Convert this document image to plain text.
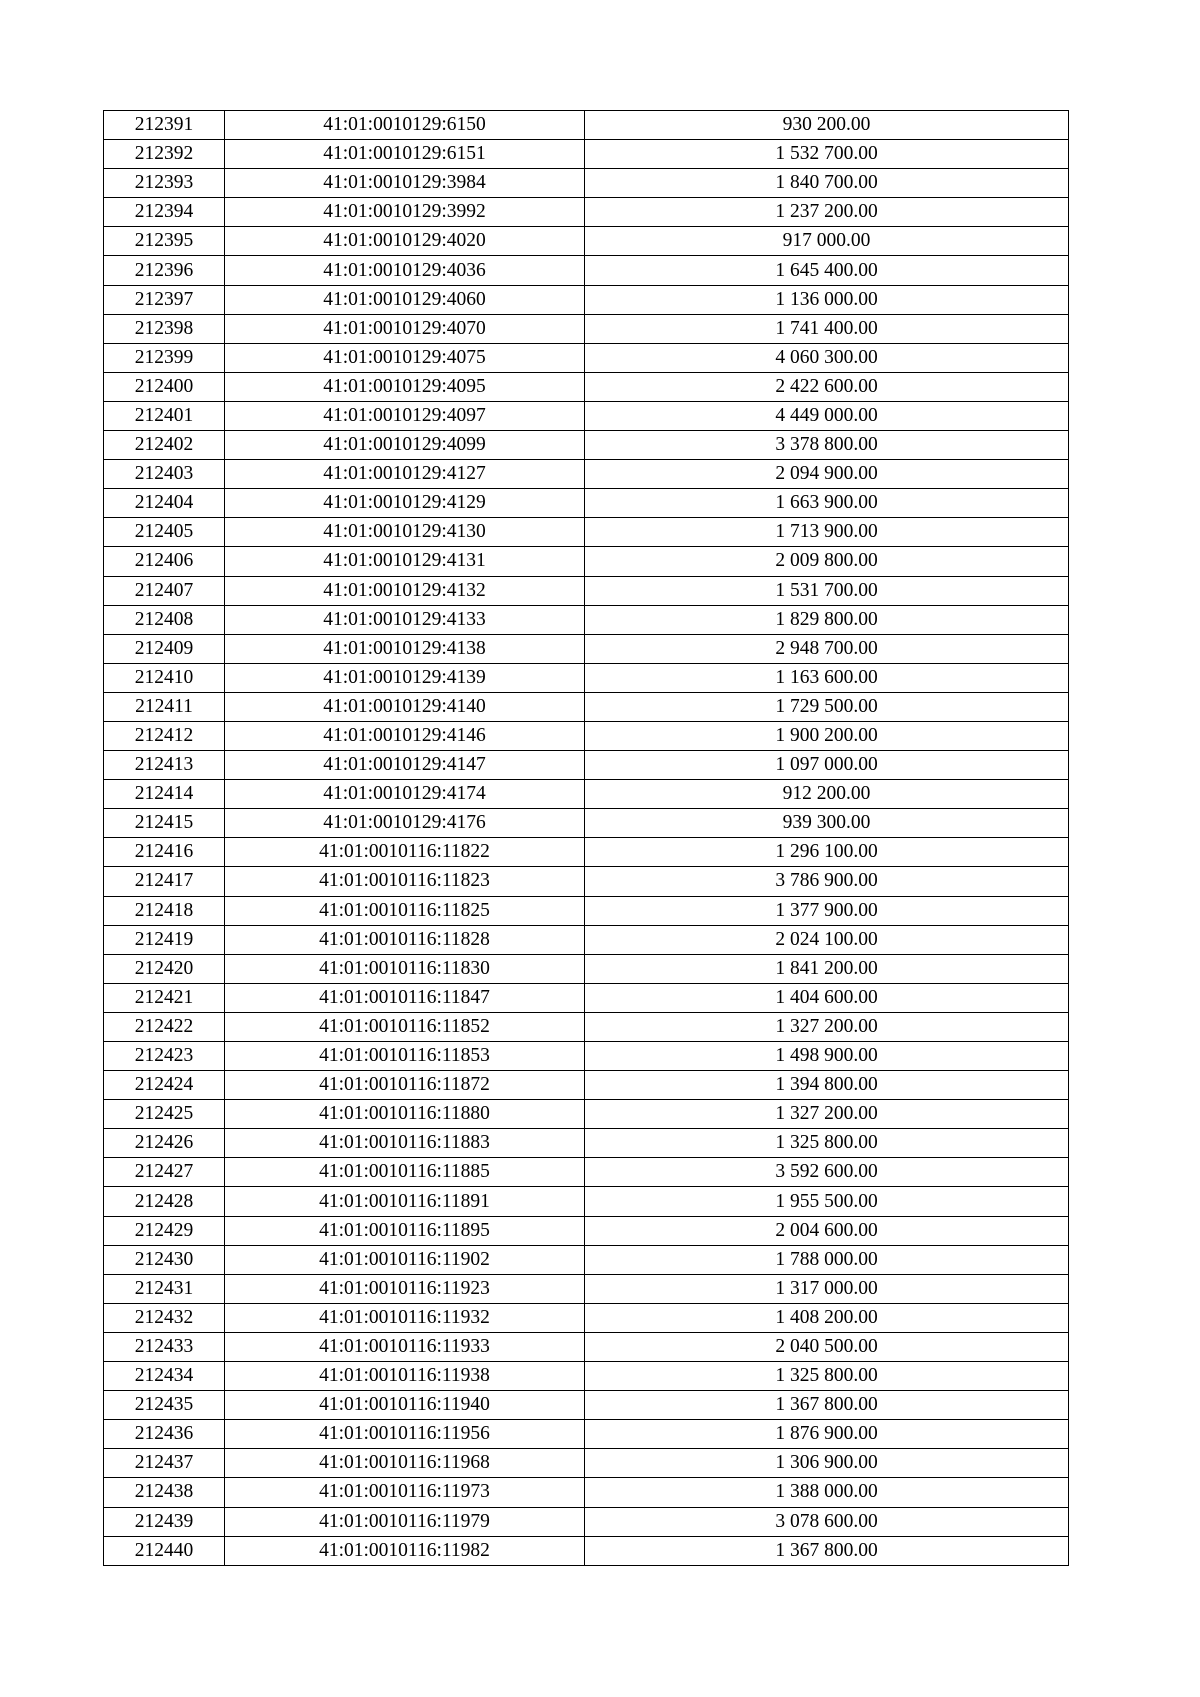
212391	41:01:0010129:6150	930 200.00
212392	41:01:0010129:6151	1 532 700.00
212393	41:01:0010129:3984	1 840 700.00
212394	41:01:0010129:3992	1 237 200.00
212395	41:01:0010129:4020	917 000.00
212396	41:01:0010129:4036	1 645 400.00
212397	41:01:0010129:4060	1 136 000.00
212398	41:01:0010129:4070	1 741 400.00
212399	41:01:0010129:4075	4 060 300.00
212400	41:01:0010129:4095	2 422 600.00
212401	41:01:0010129:4097	4 449 000.00
212402	41:01:0010129:4099	3 378 800.00
212403	41:01:0010129:4127	2 094 900.00
212404	41:01:0010129:4129	1 663 900.00
212405	41:01:0010129:4130	1 713 900.00
212406	41:01:0010129:4131	2 009 800.00
212407	41:01:0010129:4132	1 531 700.00
212408	41:01:0010129:4133	1 829 800.00
212409	41:01:0010129:4138	2 948 700.00
212410	41:01:0010129:4139	1 163 600.00
212411	41:01:0010129:4140	1 729 500.00
212412	41:01:0010129:4146	1 900 200.00
212413	41:01:0010129:4147	1 097 000.00
212414	41:01:0010129:4174	912 200.00
212415	41:01:0010129:4176	939 300.00
212416	41:01:0010116:11822	1 296 100.00
212417	41:01:0010116:11823	3 786 900.00
212418	41:01:0010116:11825	1 377 900.00
212419	41:01:0010116:11828	2 024 100.00
212420	41:01:0010116:11830	1 841 200.00
212421	41:01:0010116:11847	1 404 600.00
212422	41:01:0010116:11852	1 327 200.00
212423	41:01:0010116:11853	1 498 900.00
212424	41:01:0010116:11872	1 394 800.00
212425	41:01:0010116:11880	1 327 200.00
212426	41:01:0010116:11883	1 325 800.00
212427	41:01:0010116:11885	3 592 600.00
212428	41:01:0010116:11891	1 955 500.00
212429	41:01:0010116:11895	2 004 600.00
212430	41:01:0010116:11902	1 788 000.00
212431	41:01:0010116:11923	1 317 000.00
212432	41:01:0010116:11932	1 408 200.00
212433	41:01:0010116:11933	2 040 500.00
212434	41:01:0010116:11938	1 325 800.00
212435	41:01:0010116:11940	1 367 800.00
212436	41:01:0010116:11956	1 876 900.00
212437	41:01:0010116:11968	1 306 900.00
212438	41:01:0010116:11973	1 388 000.00
212439	41:01:0010116:11979	3 078 600.00
212440	41:01:0010116:11982	1 367 800.00
